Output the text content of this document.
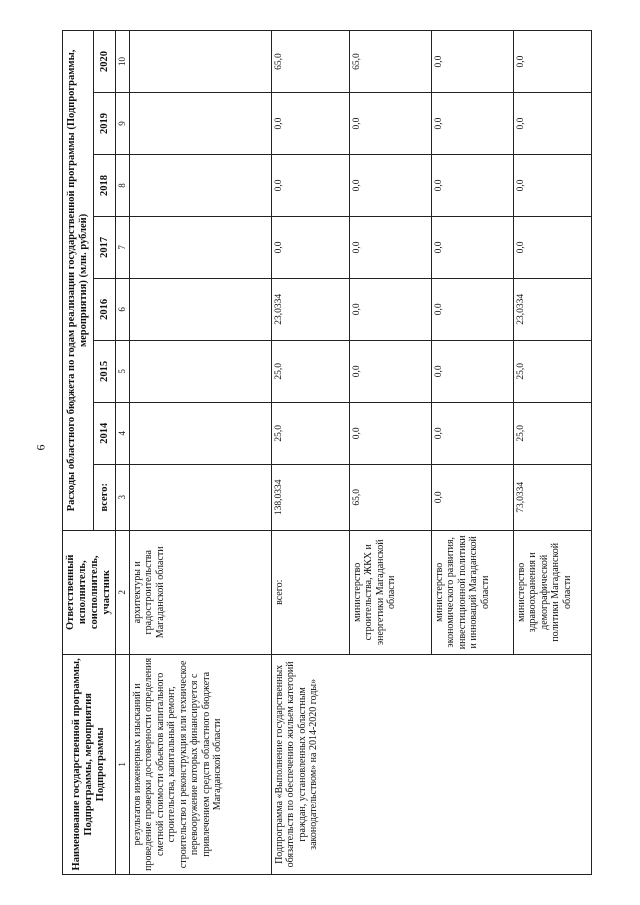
6
Наименование государственной программы, Подпрограммы, мероприятия Подпрограммы	Ответственный исполнитель, соисполнитель, участник	Расходы областного бюджета по годам реализации государственной программы (Подпрограммы, мероприятия) (млн. рублей)							
		всего:	2014	2015	2016	2017	2018	2019	2020
1	2	3	4	5	6	7	8	9	10
результатов инженерных изысканий и проведение проверки достоверности определения сметной стоимости объектов капитального строительства, капитальный ремонт, строительство и реконструкция или техническое перевооружение которых финансируется с привлечением средств областного бюджета Магаданской области	архитектуры и градостроительства Магаданской области								
Подпрограмма «Выполнение государственных обязательств по обеспечению жильем категорий граждан, установленных областным законодательством» на 2014-2020 годы»	всего:	138,0334	25,0	25,0	23,0334	0,0	0,0	0,0	65,0
	министерство строительства, ЖКХ и энергетики Магаданской области	65,0	0,0	0,0	0,0	0,0	0,0	0,0	65,0
	министерство экономического развития, инвестиционной политики и инноваций Магаданской области	0,0	0,0	0,0	0,0	0,0	0,0	0,0	0,0
	министерство здравоохранения и демографической политики Магаданской области	73,0334	25,0	25,0	23,0334	0,0	0,0	0,0	0,0
